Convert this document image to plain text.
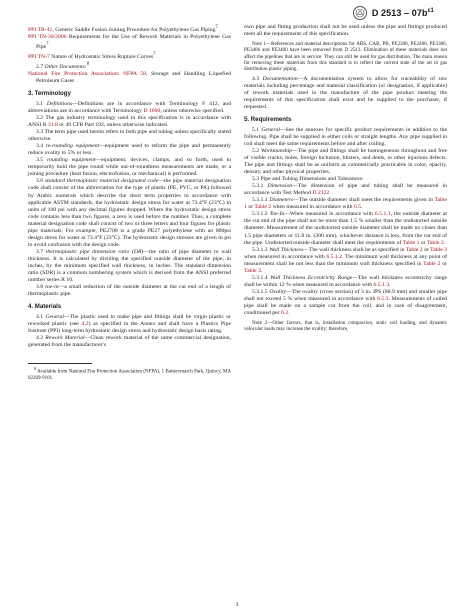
D $2513 - 07b^{\varepsilon 1}$

PPI TR-41, Generic Saddle Fusion Joining Procedure for Polyethylene Gas Piping$^7$

PPI TN-30/2006 Requirements for the Use of Rework Materials in Polyethylene Gas Pipe$^7$

PPI TN-7 Nature of Hydrostatic Stress Rupture Curves$^7$

2.7 Other Documents:$^8$

National Fire Protection Association: NFPA 58, Storage and Handling Liquefied Petroleum Gases

3. Terminology

3.1 Definitions—Definitions are in accordance with Terminology F 412, and abbreviations are in accordance with Terminology D 1600, unless otherwise specified.

3.2 The gas industry terminology used in this specification is in accordance with ANSI B 31.8 or 49 CFR Part 192, unless otherwise indicated.

3.3 The term pipe used herein refers to both pipe and tubing unless specifically stated otherwise.

3.4 re-rounding equipment—equipment used to reform the pipe and permanently reduce ovality to 5% or less.

3.5 rounding equipment—equipment, devices, clamps, and so forth, used to temporarily hold the pipe round while out-of-roundness measurements are made, or a joining procedure (heat fusion, electrofusion, or mechanical) is performed.

3.6 standard thermoplastic material designated code—the pipe material designation code shall consist of the abbreviation for the type of plastic (PE, PVC, or PA) followed by Arabic numerals which describe the short term properties in accordance with applicable ASTM standards, the hydrostatic design stress for water at 73.4°F (23°C) in units of 100 psi with any decimal figures dropped. Where the hydrostatic design stress code contains less than two figures, a zero is used before the number. Thus, a complete material designation code shall consist of two or three letters and four figures for plastic pipe materials. For example, PE2708 is a grade PE27 polyethylene with an 800psi design stress for water at 73.4°F (23°C). The hydrostatic design stresses are given in psi to avoid confusion with the design code.

3.7 thermoplastic pipe dimension ratio (DR)—the ratio of pipe diameter to wall thickness. It is calculated by dividing the specified outside diameter of the pipe, in inches, by the minimum specified wall thickness, in inches. The standard dimension ratio (SDR) is a common numbering system which is derived from the ANSI preferred number series R 10.

3.8 toe-in—a small reduction of the outside diameter at the cut end of a length of thermoplastic pipe.

4. Materials

4.1 General—The plastic used to make pipe and fittings shall be virgin plastic or reworked plastic (see 4.2) as specified in the Annex and shall have a Plastics Pipe Institute (PPI) long-term hydrostatic design stress and hydrostatic design basis rating.

4.2 Rework Material—Clean rework material of the same commercial designation, generated from the manufacturer's

$^8$ Available from National Fire Protection Association (NFPA), 1 Batterymarch Park, Quincy, MA 02269-9101.

own pipe and fitting production shall not be used unless the pipe and fittings produced meet all the requirements of this specification.

Note 1—References and material descriptions for ABS, CAB, PB, PE2306, PE2406, PE3306, PE3406 and PE3480 have been removed from D 2513. Elimination of these materials does not affect the pipelines that are in service. They can still be used for gas distribution. The main reason for removing these materials from this standard is to reflect the current state of the art in gas distribution plastic piping.

4.3 Documentation—A documentation system to allow for traceability of raw materials including percentage and material classification (or designation, if applicable) of rework materials used in the manufacture of the pipe product meeting the requirements of this specification shall exist and be supplied to the purchaser, if requested.

5. Requirements

5.1 General—See the annexes for specific product requirements in addition to the following. Pipe shall be supplied in either coils or straight lengths. Any pipe supplied in coil shall meet the same requirements before and after coiling.

5.2 Workmanship—The pipe and fittings shall be homogeneous throughout and free of visible cracks, holes, foreign inclusion, blisters, and dents, or other injurious defects. The pipe and fittings shall be as uniform as commercially practicable in color, opacity, density, and other physical properties.

5.3 Pipe and Tubing Dimensions and Tolerances:

5.3.1 Dimension—The dimension of pipe and tubing shall be measured in accordance with Test Method D 2122.

5.3.1.1 Diameters—The outside diameter shall meet the requirements given in Table 1 or Table 2 when measured in accordance with 6.5.

5.3.1.2 Toe-In—When measured in accordance with 6.5.1.1, the outside diameter at the cut end of the pipe shall not be more than 1.5 % smaller than the undistorted outside diameter. Measurement of the undistorted outside diameter shall be made no closer than 1.5 pipe diameters or 11.8 in. (300 mm), whichever distance is less, from the cut end of the pipe. Undistorted outside diameter shall meet the requirements of Table 1 or Table 2.

5.3.1.3 Wall Thickness—The wall thickness shall be as specified in Table 2 or Table 3 when measured in accordance with 6.5.1.2. The minimum wall thickness at any point of measurement shall be not less than the minimum wall thickness specified in Table 2 or Table 3.

5.3.1.4 Wall Thickness Eccentricity Range—The wall thickness eccentricity range shall be within 12 % when measured in accordance with 6.5.1.3.

5.3.1.5 Ovality—The ovality (cross section) of 3 in. IPS (88.9 mm) and smaller pipe shall not exceed 5 % when measured in accordance with 6.5.3. Measurements of coiled pipe shall be made on a sample cut from the coil, and in case of disagreement, conditioned per 6.3.

Note 2—Other factors, that is, installation compaction, static soil loading, and dynamic vehicular loads may increase the ovality; therefore,

3
